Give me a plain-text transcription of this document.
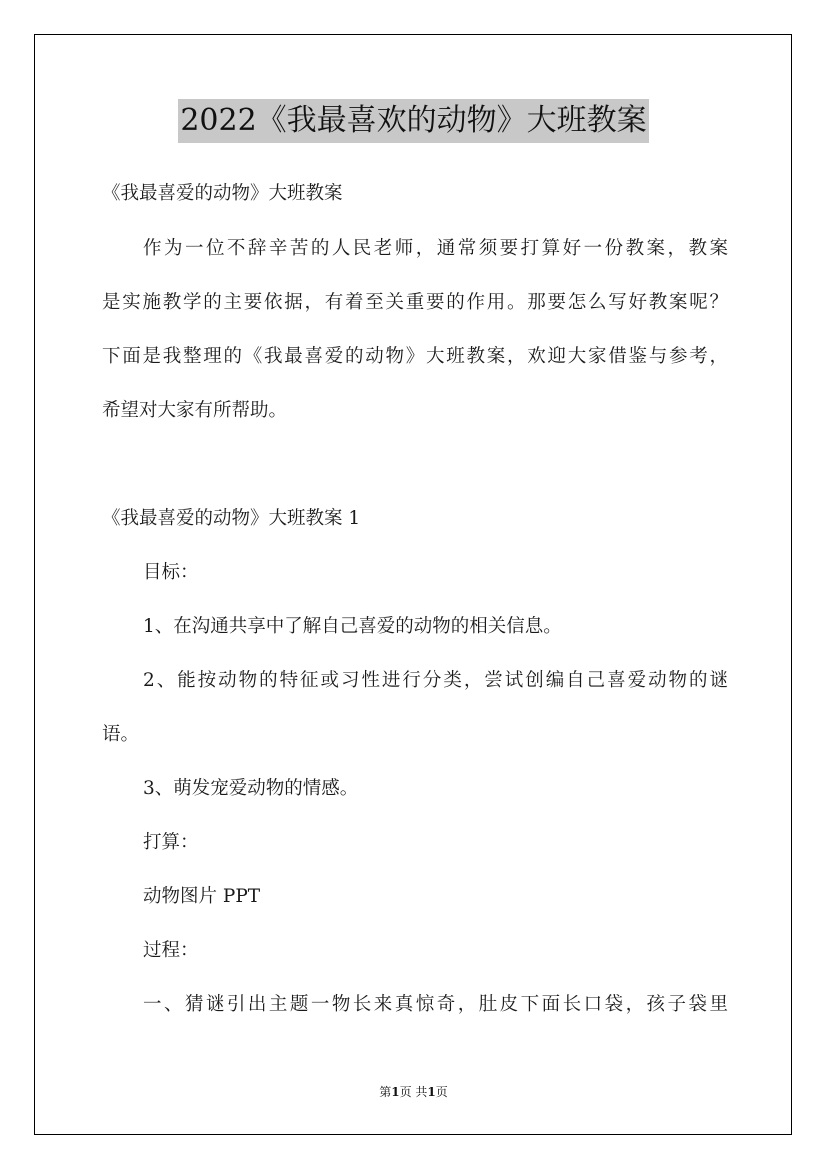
2022《我最喜欢的动物》大班教案
《我最喜爱的动物》大班教案
作为一位不辞辛苦的人民老师，通常须要打算好一份教案，教案
是实施教学的主要依据，有着至关重要的作用。那要怎么写好教案呢？
下面是我整理的《我最喜爱的动物》大班教案，欢迎大家借鉴与参考，
希望对大家有所帮助。
《我最喜爱的动物》大班教案 1
目标：
1、在沟通共享中了解自己喜爱的动物的相关信息。
2、能按动物的特征或习性进行分类，尝试创编自己喜爱动物的谜
语。
3、萌发宠爱动物的情感。
打算：
动物图片 PPT
过程：
一、猜谜引出主题一物长来真惊奇，肚皮下面长口袋，孩子袋里
第1页 共1页
